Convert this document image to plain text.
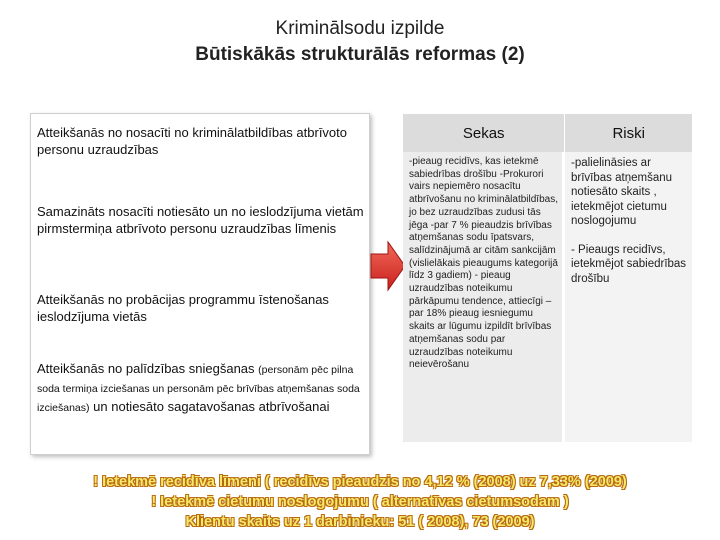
Kriminālsodu izpilde
Būtiskākās strukturālās reformas (2)
Atteikšanās no nosacīti no kriminālatbildības atbrīvoto personu uzraudzības
Samazināts nosacīti notiesāto un no ieslodzījuma vietām pirmstermiņa atbrīvoto personu uzraudzības līmenis
Atteikšanās no probācijas programmu īstenošanas ieslodzījuma vietās
Atteikšanās no palīdzības sniegšanas (personām pēc pilna soda termiņa izciešanas un personām pēc brīvības atņemšanas soda izciešanas) un notiesāto sagatavošanas atbrīvošanai
Sekas	Riski
-pieaug recidīvs, kas ietekmē sabiedrības drošību -Prokurori vairs nepiemēro nosacītu atbrīvošanu no kriminālatbildības, jo bez uzraudzības zudusi tās jēga -par 7 % pieaudzis brīvības atņemšanas sodu īpatsvars, salīdzinājumā ar citām sankcijām (vislielākais pieaugums kategorijā līdz 3 gadiem) - pieaug uzraudzības noteikumu pārkāpumu tendence, attiecīgi – par 18% pieaug iesniegumu skaits ar lūgumu izpildīt brīvības atņemšanas sodu par uzraudzības noteikumu neievērošanu

-palielināsies ar brīvības atņemšanu notiesāto skaits , ietekmējot cietumu noslogojumu

- Pieaugs recidīvs, ietekmējot sabiedrības drošību

! Ietekmē recidīva līmeni ( recidīvs pieaudzis no 4,12 % (2008) uz 7,33% (2009)
! Ietekmē cietumu noslogojumu ( alternatīvas cietumsodam )
Klientu skaits uz 1 darbinieku: 51 ( 2008), 73 (2009)
